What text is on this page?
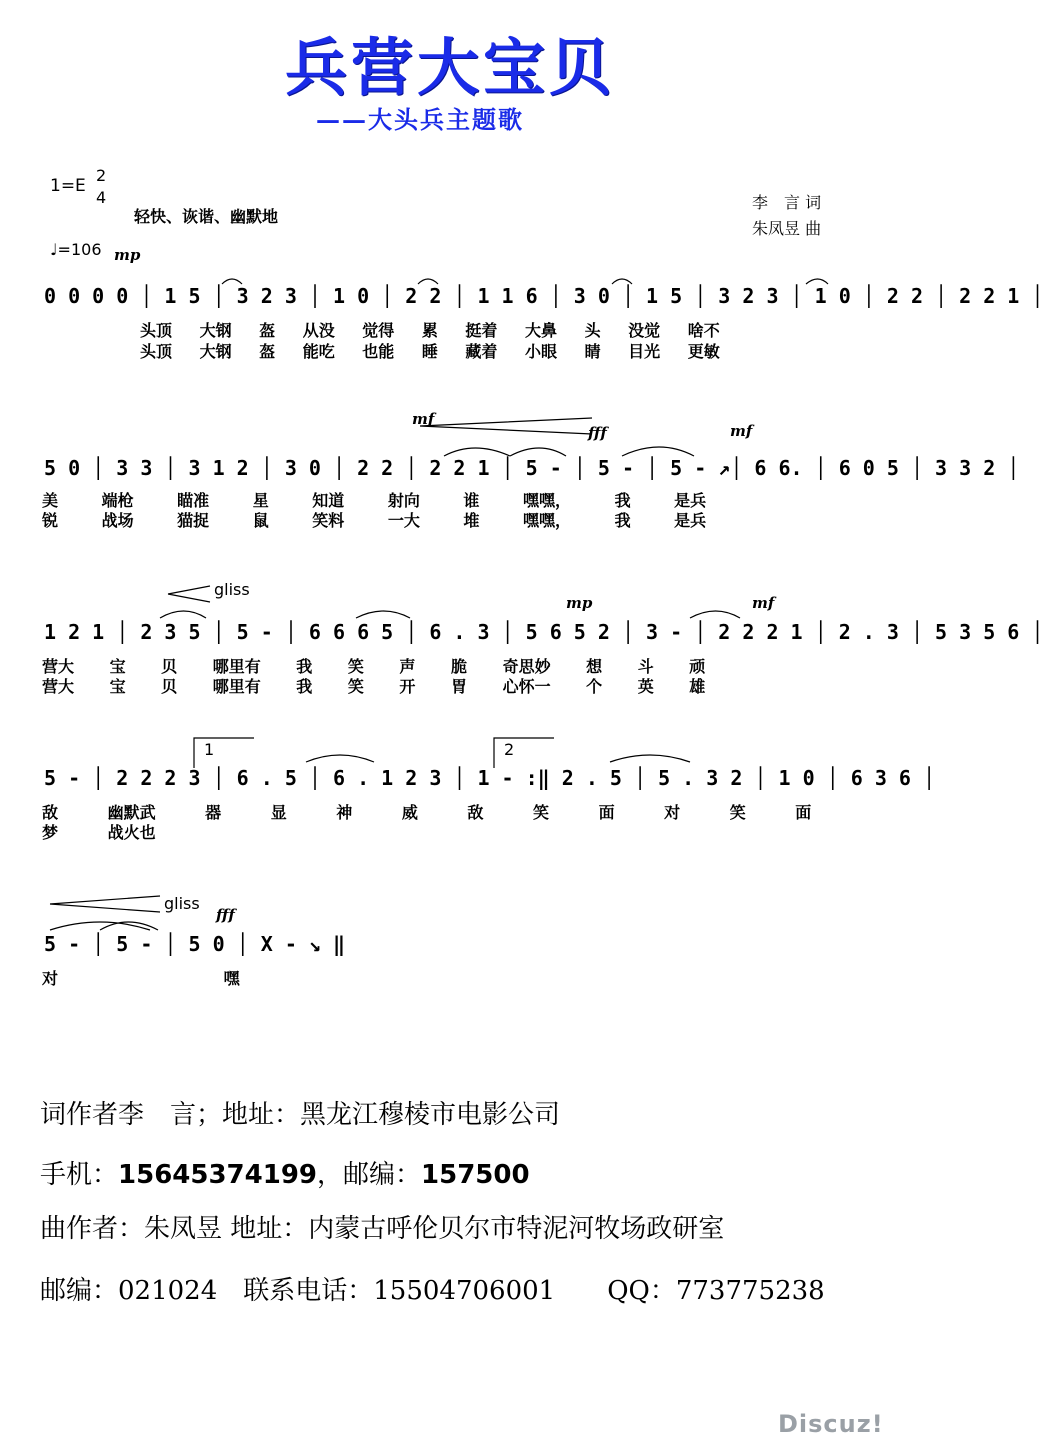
兵营大宝贝
——大头兵主题歌
1=E
2
4
♩=106 mp
轻快、诙谐、幽默地
李　言 词
朱凤昱 曲
0 0 0 0 │ 1 5 │ 3 2 3 │ 1 0 │ 2 2 │ 1 1 6 │ 3 0 │ 1 5 │ 3 2 3 │ 1 0 │ 2 2 │ 2 2 1 │
头顶 大钢 盔 从没 觉得 累 挺着 大鼻 头 没觉 啥不
头顶 大钢 盔 能吃 也能 睡 藏着 小眼 睛 目光 更敏
mf
fff	mf
5 0 │ 3 3 │ 3 1 2 │ 3 0 │ 2 2 │ 2 2 1 │ 5 - │ 5 - │ 5 - ↗│ 6 6. │ 6 0 5 │ 3 3 2 │
美 端枪 瞄准 星 知道 射向 谁 嘿嘿， 我 是兵
锐 战场 猫捉 鼠 笑料 一大 堆 嘿嘿， 我 是兵
gliss
mp	mf
1 2 1 │ 2 3 5 │ 5 - │ 6 6 6 5 │ 6 . 3 │ 5 6 5 2 │ 3 - │ 2 2 2 1 │ 2 . 3 │ 5 3 5 6 │
营大 宝 贝 哪里有 我 笑 声 脆 奇思妙 想 斗 顽
营大 宝 贝 哪里有 我 笑 开 胃 心怀一 个 英 雄
1	2
5 - │ 2 2 2 3 │ 6 . 5 │ 6 . 1 2 3 │ 1 - :‖ 2 . 5 │ 5 . 3 2 │ 1 0 │ 6 3 6 │
敌 幽默武 器 显 神 威 敌 笑 面 对 笑 面
梦 战火也
gliss
fff
5 - │ 5 - │ 5 0 │ X - ↘ ‖
对 嘿
词作者李　言；地址：黑龙江穆棱市电影公司
手机：15645374199，邮编：157500
曲作者：朱凤昱 地址：内蒙古呼伦贝尔市特泥河牧场政研室
邮编：021024　联系电话：15504706001　　QQ：773775238
Discuz!
